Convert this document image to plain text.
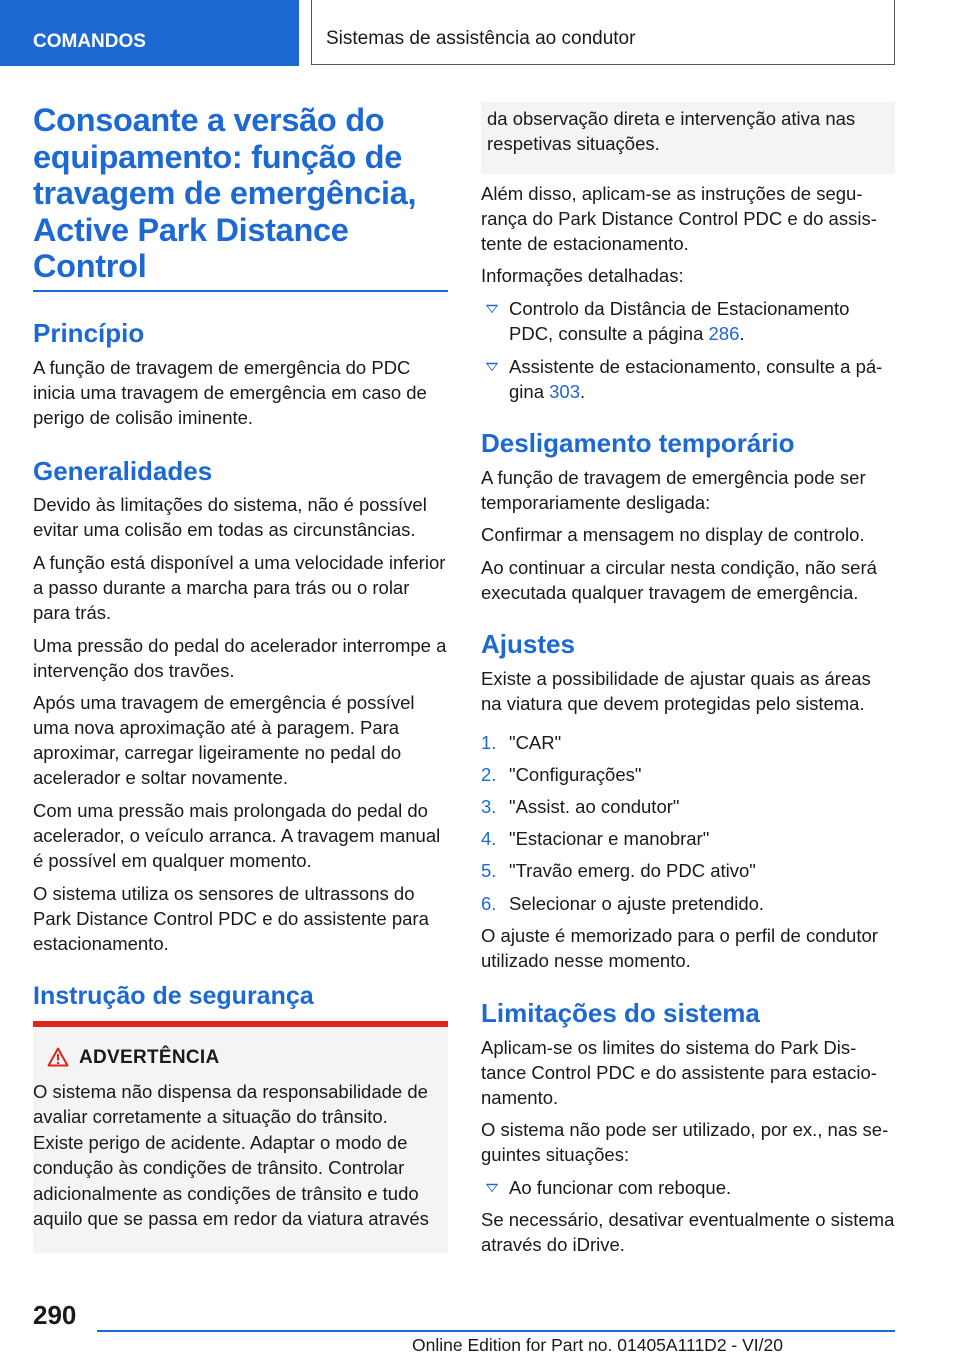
COMANDOS	Sistemas de assistência ao condutor
Consoante a versão do equipamento: função de travagem de emergência, Active Park Distance Control
Princípio

A função de travagem de emergência do PDC inicia uma travagem de emergência em caso de perigo de colisão iminente.

Generalidades

Devido às limitações do sistema, não é possível evitar uma colisão em todas as circunstâncias.

A função está disponível a uma velocidade inferior a passo durante a marcha para trás ou o rolar para trás.

Uma pressão do pedal do acelerador interrompe a intervenção dos travões.

Após uma travagem de emergência é possível uma nova aproximação até à paragem. Para aproximar, carregar ligeiramente no pedal do acelerador e soltar novamente.

Com uma pressão mais prolongada do pedal do acelerador, o veículo arranca. A travagem manual é possível em qualquer momento.

O sistema utiliza os sensores de ultrassons do Park Distance Control PDC e do assistente para estacionamento.

Instrução de segurança
ADVERTÊNCIA

O sistema não dispensa da responsabilidade de avaliar corretamente a situação do trânsito. Existe perigo de acidente. Adaptar o modo de condução às condições de trânsito. Controlar adicionalmente as condições de trânsito e tudo aquilo que se passa em redor da viatura através

da observação direta e intervenção ativa nas respetivas situações.

Além disso, aplicam-se as instruções de segurança do Park Distance Control PDC e do assistente de estacionamento.

Informações detalhadas:

Controlo da Distância de Estacionamento PDC, consulte a página 286.
Assistente de estacionamento, consulte a página 303.
Desligamento temporário

A função de travagem de emergência pode ser temporariamente desligada:

Confirmar a mensagem no display de controlo.

Ao continuar a circular nesta condição, não será executada qualquer travagem de emergência.

Ajustes

Existe a possibilidade de ajustar quais as áreas na viatura que devem protegidas pelo sistema.

1. "CAR"
2. "Configurações"
3. "Assist. ao condutor"
4. "Estacionar e manobrar"
5. "Travão emerg. do PDC ativo"
6. Selecionar o ajuste pretendido.

O ajuste é memorizado para o perfil de condutor utilizado nesse momento.

Limitações do sistema

Aplicam-se os limites do sistema do Park Distance Control PDC e do assistente para estacionamento.

O sistema não pode ser utilizado, por ex., nas seguintes situações:

Ao funcionar com reboque.

Se necessário, desativar eventualmente o sistema através do iDrive.

290
Online Edition for Part no. 01405A111D2 - VI/20
